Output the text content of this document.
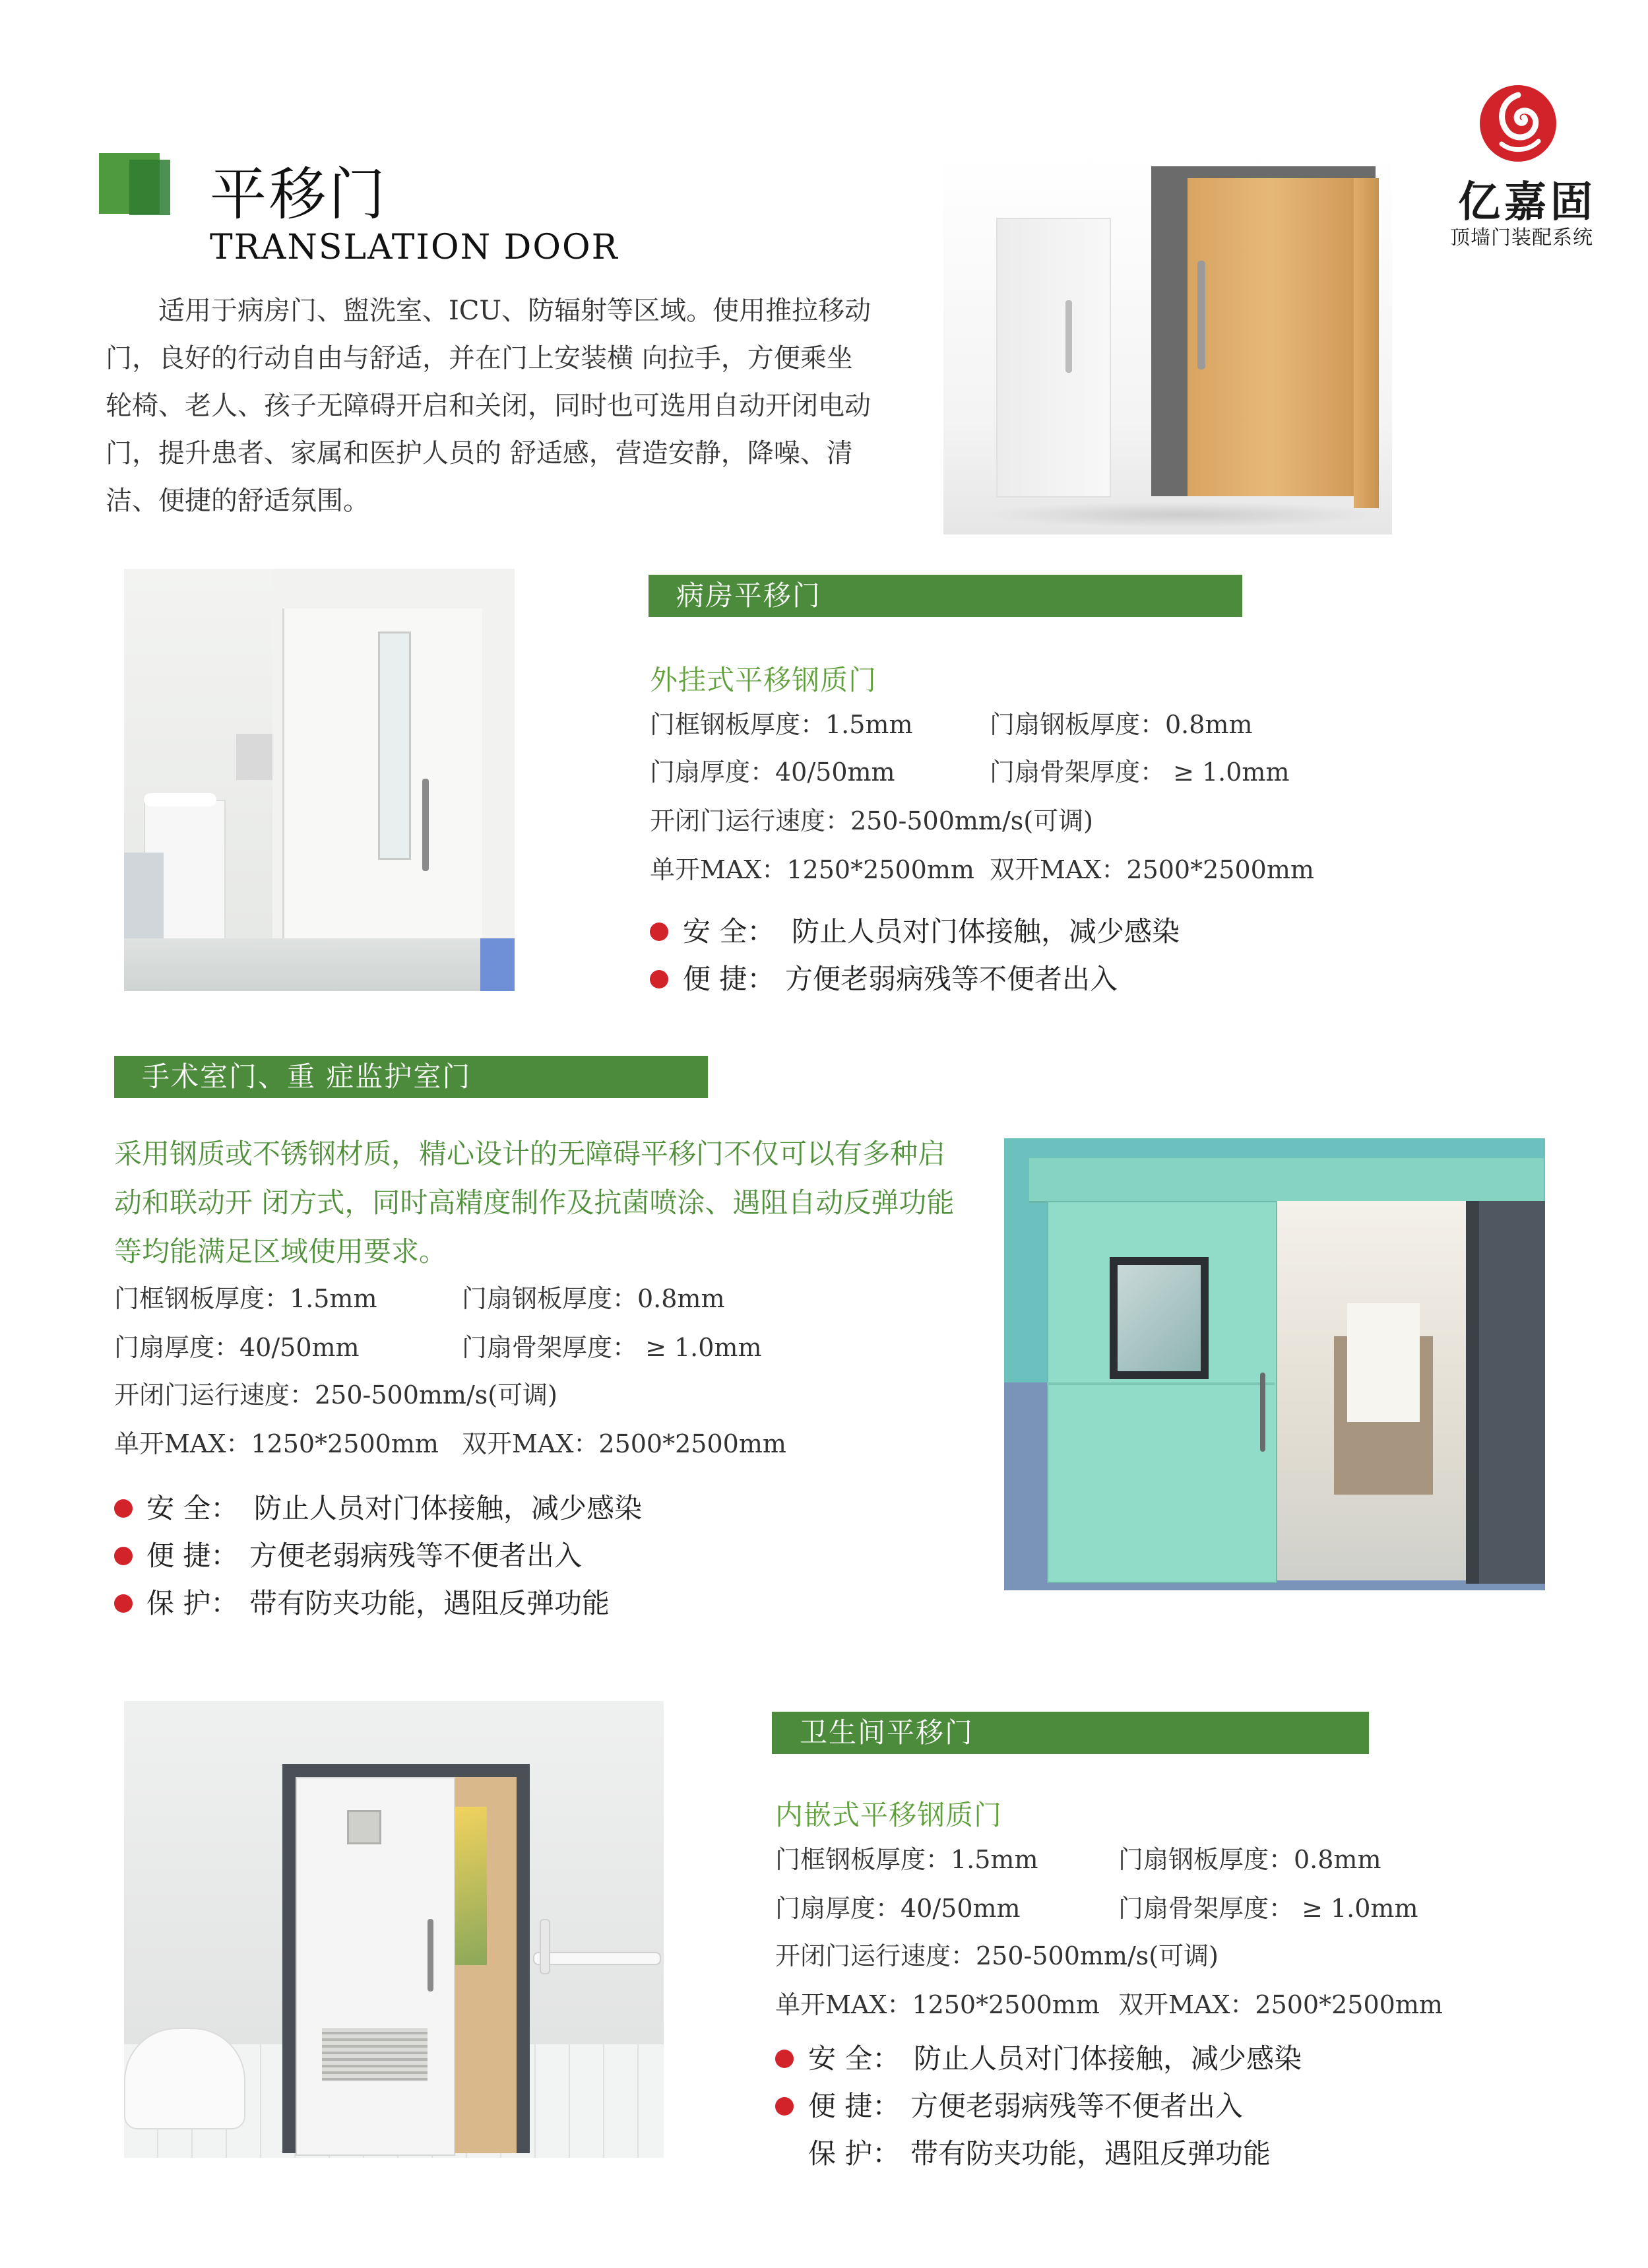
平移门
TRANSLATION DOOR

适用于病房门、盥洗室、ICU、防辐射等区域。使用推拉移动门，良好的行动自由与舒适，并在门上安装横 向拉手，方便乘坐轮椅、老人、孩子无障碍开启和关闭，同时也可选用自动开闭电动门，提升患者、家属和医护人员的 舒适感，营造安静，降噪、清洁、便捷的舒适氛围。

亿嘉固
顶墙门装配系统
病房平移门
外挂式平移钢质门
门框钢板厚度：1.5mm	门扇钢板厚度：0.8mm
门扇厚度：40/50mm	门扇骨架厚度： ≥ 1.0mm
开闭门运行速度：250-500mm/s(可调)
单开MAX：1250*2500mm 双开MAX：2500*2500mm
安 全： 防止人员对门体接触，减少感染
便 捷： 方便老弱病残等不便者出入
手术室门、重 症监护室门

采用钢质或不锈钢材质，精心设计的无障碍平移门不仅可以有多种启动和联动开 闭方式，同时高精度制作及抗菌喷涂、遇阻自动反弹功能等均能满足区域使用要求。

门框钢板厚度：1.5mm	门扇钢板厚度：0.8mm
门扇厚度：40/50mm	门扇骨架厚度： ≥ 1.0mm
开闭门运行速度：250-500mm/s(可调)
单开MAX：1250*2500mm 双开MAX：2500*2500mm
安 全： 防止人员对门体接触，减少感染
便 捷： 方便老弱病残等不便者出入
保 护： 带有防夹功能，遇阻反弹功能
卫生间平移门
内嵌式平移钢质门
门框钢板厚度：1.5mm	门扇钢板厚度：0.8mm
门扇厚度：40/50mm	门扇骨架厚度： ≥ 1.0mm
开闭门运行速度：250-500mm/s(可调)
单开MAX：1250*2500mm 双开MAX：2500*2500mm
安 全： 防止人员对门体接触，减少感染
便 捷： 方便老弱病残等不便者出入
保 护： 带有防夹功能，遇阻反弹功能
